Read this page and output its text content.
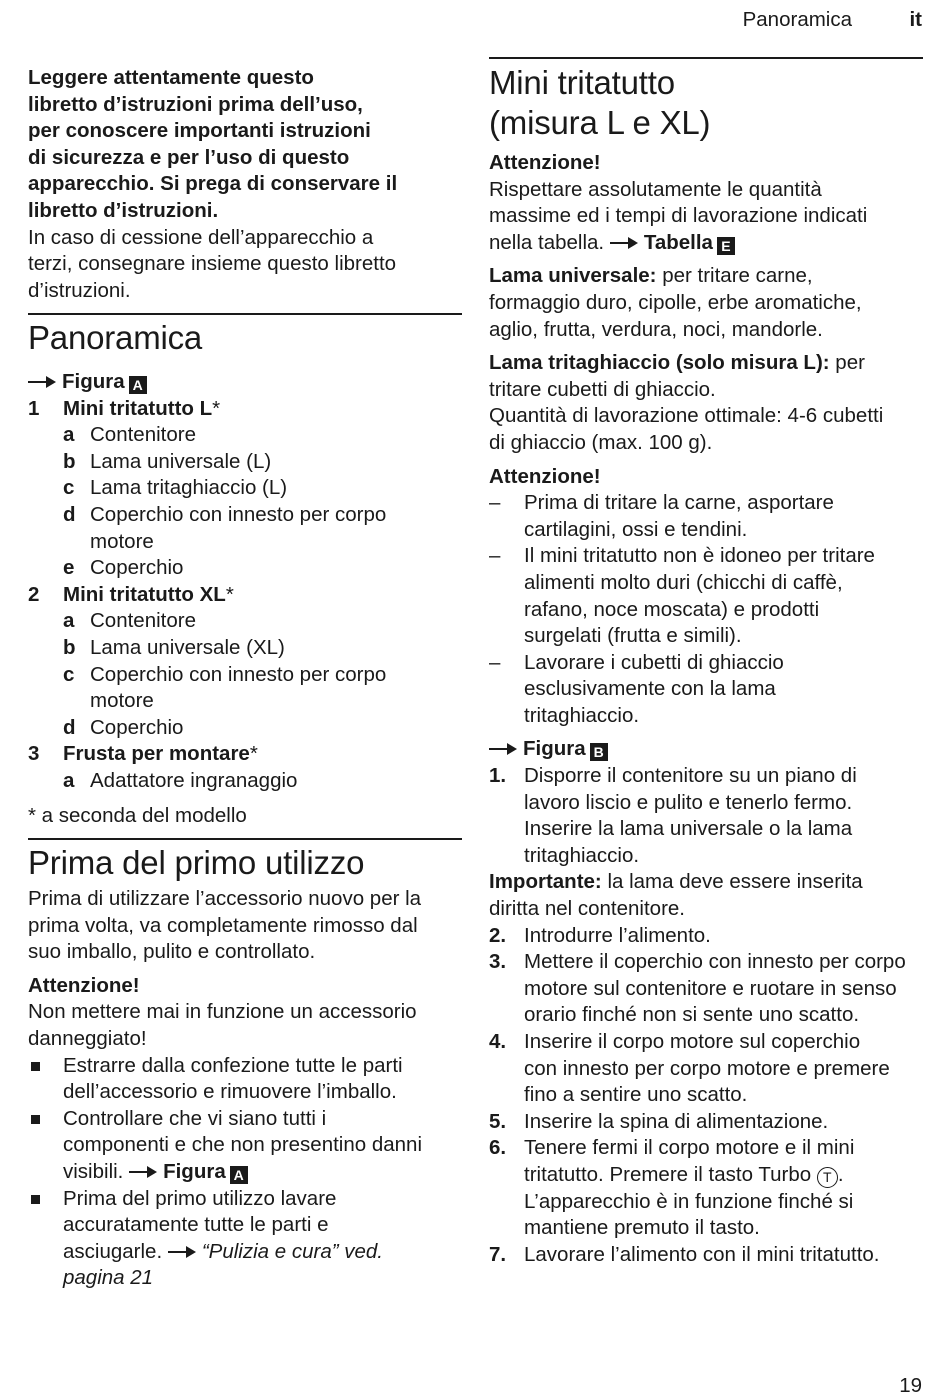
Panoramica	it

Leggere attentamente questo
libretto d’istruzioni prima dell’uso,
per conoscere importanti istruzioni
di sicurezza e per l’uso di questo
apparecchio. Si prega di conservare il
libretto d’istruzioni.

In caso di cessione dell’apparecchio a
terzi, consegnare insieme questo libretto
d’istruzioni.

Panoramica
Figura A
1 Mini tritatutto L*
a Contenitore
b Lama universale (L)
c Lama tritaghiaccio (L)
d Coperchio con innesto per corpo
motore
e Coperchio
2 Mini tritatutto XL*
a Contenitore
b Lama universale (XL)
c Coperchio con innesto per corpo
motore
d Coperchio
3 Frusta per montare*
a Adattatore ingranaggio

* a seconda del modello

Prima del primo utilizzo

Prima di utilizzare l’accessorio nuovo per la
prima volta, va completamente rimosso dal
suo imballo, pulito e controllato.

Attenzione!

Non mettere mai in funzione un accessorio
danneggiato!

Estrarre dalla confezione tutte le parti
dell’accessorio e rimuovere l’imballo.
Controllare che vi siano tutti i
componenti e che non presentino danni
visibili. Figura A
Prima del primo utilizzo lavare
accuratamente tutte le parti e
asciugarle. “Pulizia e cura” ved.
pagina 21
Mini tritatutto
(misura L e XL)

Attenzione!

Rispettare assolutamente le quantità
massime ed i tempi di lavorazione indicati
nella tabella. Tabella E

Lama universale: per tritare carne,
formaggio duro, cipolle, erbe aromatiche,
aglio, frutta, verdura, noci, mandorle.

Lama tritaghiaccio (solo misura L): per
tritare cubetti di ghiaccio.
Quantità di lavorazione ottimale: 4-6 cubetti
di ghiaccio (max. 100 g).

Attenzione!

– Prima di tritare la carne, asportare
cartilagini, ossi e tendini.
– Il mini tritatutto non è idoneo per tritare
alimenti molto duri (chicchi di caffè,
rafano, noce moscata) e prodotti
surgelati (frutta e simili).
– Lavorare i cubetti di ghiaccio
esclusivamente con la lama
tritaghiaccio.
Figura B
1. Disporre il contenitore su un piano di
lavoro liscio e pulito e tenerlo fermo.
Inserire la lama universale o la lama
tritaghiaccio.

Importante: la lama deve essere inserita
diritta nel contenitore.

2. Introdurre l’alimento.
3. Mettere il coperchio con innesto per corpo
motore sul contenitore e ruotare in senso
orario finché non si sente uno scatto.
4. Inserire il corpo motore sul coperchio
con innesto per corpo motore e premere
fino a sentire uno scatto.
5. Inserire la spina di alimentazione.
6. Tenere fermi il corpo motore e il mini
tritatutto. Premere il tasto Turbo T .
L’apparecchio è in funzione finché si
mantiene premuto il tasto.
7. Lavorare l’alimento con il mini tritatutto.
19
